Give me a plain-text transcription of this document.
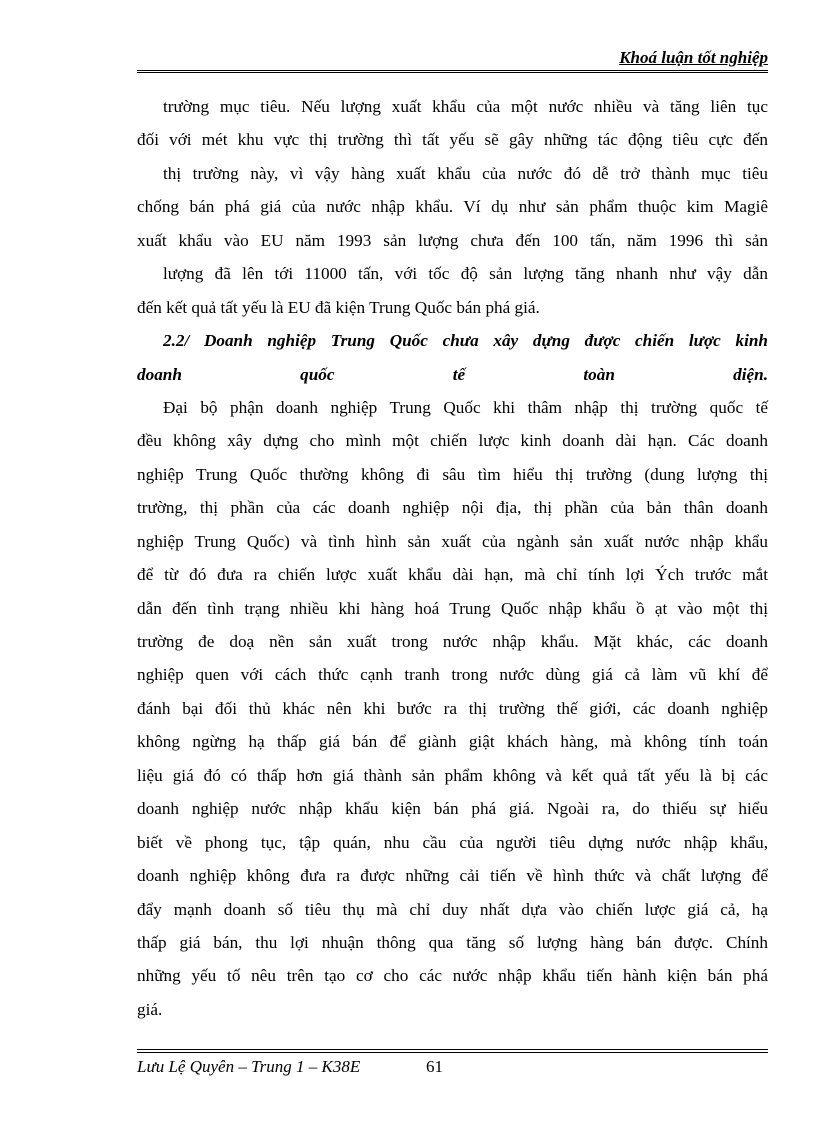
Khoá luận tốt nghiệp
trường mục tiêu. Nếu lượng xuất khẩu của một nước nhiều và tăng liên tục
đối với mét khu vực thị trường thì tất yếu sẽ gây những tác động tiêu cực đến
thị trường này, vì vậy hàng xuất khẩu của nước đó dễ trở thành mục tiêu
chống bán phá giá của nước nhập khẩu. Ví dụ như sản phẩm thuộc kim Magiê
xuất khẩu vào EU năm 1993 sản lượng chưa đến 100 tấn, năm 1996 thì sản
lượng đã lên tới 11000 tấn, với tốc độ sản lượng tăng nhanh như vậy dẫn
đến kết quả tất yếu là EU đã kiện Trung Quốc bán phá giá.
2.2/ Doanh nghiệp Trung Quốc chưa xây dựng được chiến lược kinh
doanh quốc tế toàn diện.
Đại bộ phận doanh nghiệp Trung Quốc khi thâm nhập thị trường quốc tế
đều không xây dựng cho mình một chiến lược kinh doanh dài hạn. Các doanh
nghiệp Trung Quốc thường không đi sâu tìm hiểu thị trường (dung lượng thị
trường, thị phần của các doanh nghiệp nội địa, thị phần của bản thân doanh
nghiệp Trung Quốc) và tình hình sản xuất của ngành sản xuất nước nhập khẩu
để từ đó đưa ra chiến lược xuất khẩu dài hạn, mà chỉ tính lợi Ých trước mắt
dẫn đến tình trạng nhiều khi hàng hoá Trung Quốc nhập khẩu ồ ạt vào một thị
trường đe doạ nền sản xuất trong nước nhập khẩu. Mặt khác, các doanh
nghiệp quen với cách thức cạnh tranh trong nước dùng giá cả làm vũ khí để
đánh bại đối thủ khác nên khi bước ra thị trường thế giới, các doanh nghiệp
không ngừng hạ thấp giá bán để giành giật khách hàng, mà không tính toán
liệu giá đó có thấp hơn giá thành sản phẩm không và kết quả tất yếu là bị các
doanh nghiệp nước nhập khẩu kiện bán phá giá. Ngoài ra, do thiếu sự hiểu
biết về phong tục, tập quán, nhu cầu của người tiêu dựng nước nhập khẩu,
doanh nghiệp không đưa ra được những cải tiến về hình thức và chất lượng để
đẩy mạnh doanh số tiêu thụ mà chỉ duy nhất dựa vào chiến lược giá cả, hạ
thấp giá bán, thu lợi nhuận thông qua tăng số lượng hàng bán được. Chính
những yếu tố nêu trên tạo cơ cho các nước nhập khẩu tiến hành kiện bán phá
giá.
Lưu Lệ Quyên – Trung 1 – K38E	61
